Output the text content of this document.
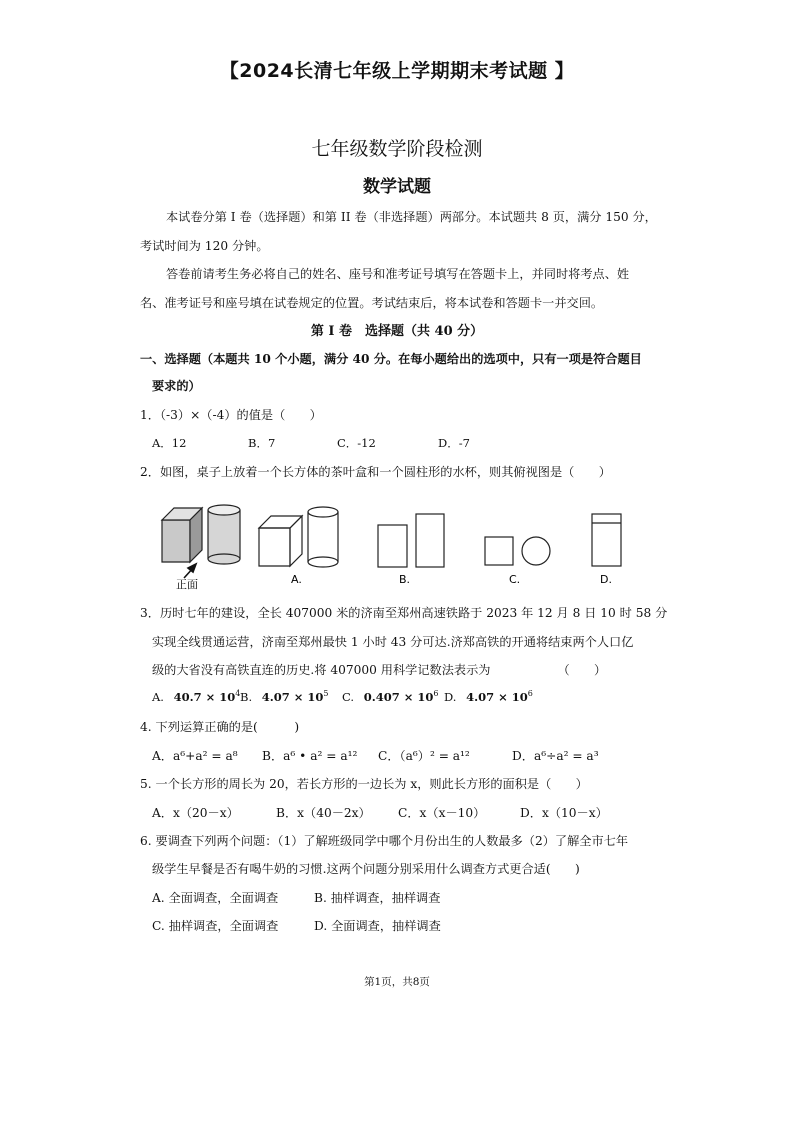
【2024长清七年级上学期期末考试题 】
七年级数学阶段检测
数学试题
本试卷分第 I 卷（选择题）和第 II 卷（非选择题）两部分。本试题共 8 页，满分 150 分，
考试时间为 120 分钟。
答卷前请考生务必将自己的姓名、座号和准考证号填写在答题卡上，并同时将考点、姓
名、准考证号和座号填在试卷规定的位置。考试结束后，将本试卷和答题卡一并交回。
第 I 卷　选择题（共 40 分）
一、选择题（本题共 10 个小题，满分 40 分。在每小题给出的选项中，只有一项是符合题目
要求的）
1．（-3）×（-4）的值是（　　）
A．12	B．7	C．-12	D．-7
2．如图，桌子上放着一个长方体的茶叶盒和一个圆柱形的水杯，则其俯视图是（　　）
正面	A.	B.	C.	D.
3．历时七年的建设，全长 407000 米的济南至郑州高速铁路于 2023 年 12 月 8 日 10 时 58 分
实现全线贯通运营，济南至郑州最快 1 小时 43 分可达.济郑高铁的开通将结束两个人口亿
级的大省没有高铁直连的历史.将 407000 用科学记数法表示为　　　　　　（　　）
A. $40.7 \times 10^4$ B. $4.07 \times 10^5$ C. $0.407 \times 10^6$ D. $4.07 \times 10^6$
4. 下列运算正确的是(　　　)
A．a⁶+a² = a⁸ B．a⁶ • a² = a¹² C．（a⁶）² = a¹²	D．a⁶÷a² = a³
5. 一个长方形的周长为 20，若长方形的一边长为 x，则此长方形的面积是（　　）
A．x（20－x）	B．x（40－2x） C．x（x－10）	D．x（10－x）
6. 要调查下列两个问题：（1）了解班级同学中哪个月份出生的人数最多（2）了解全市七年
级学生早餐是否有喝牛奶的习惯.这两个问题分别采用什么调查方式更合适(　　)
A. 全面调查，全面调查	B. 抽样调查，抽样调查
C. 抽样调查，全面调查	D. 全面调查，抽样调查
第1页，共8页
